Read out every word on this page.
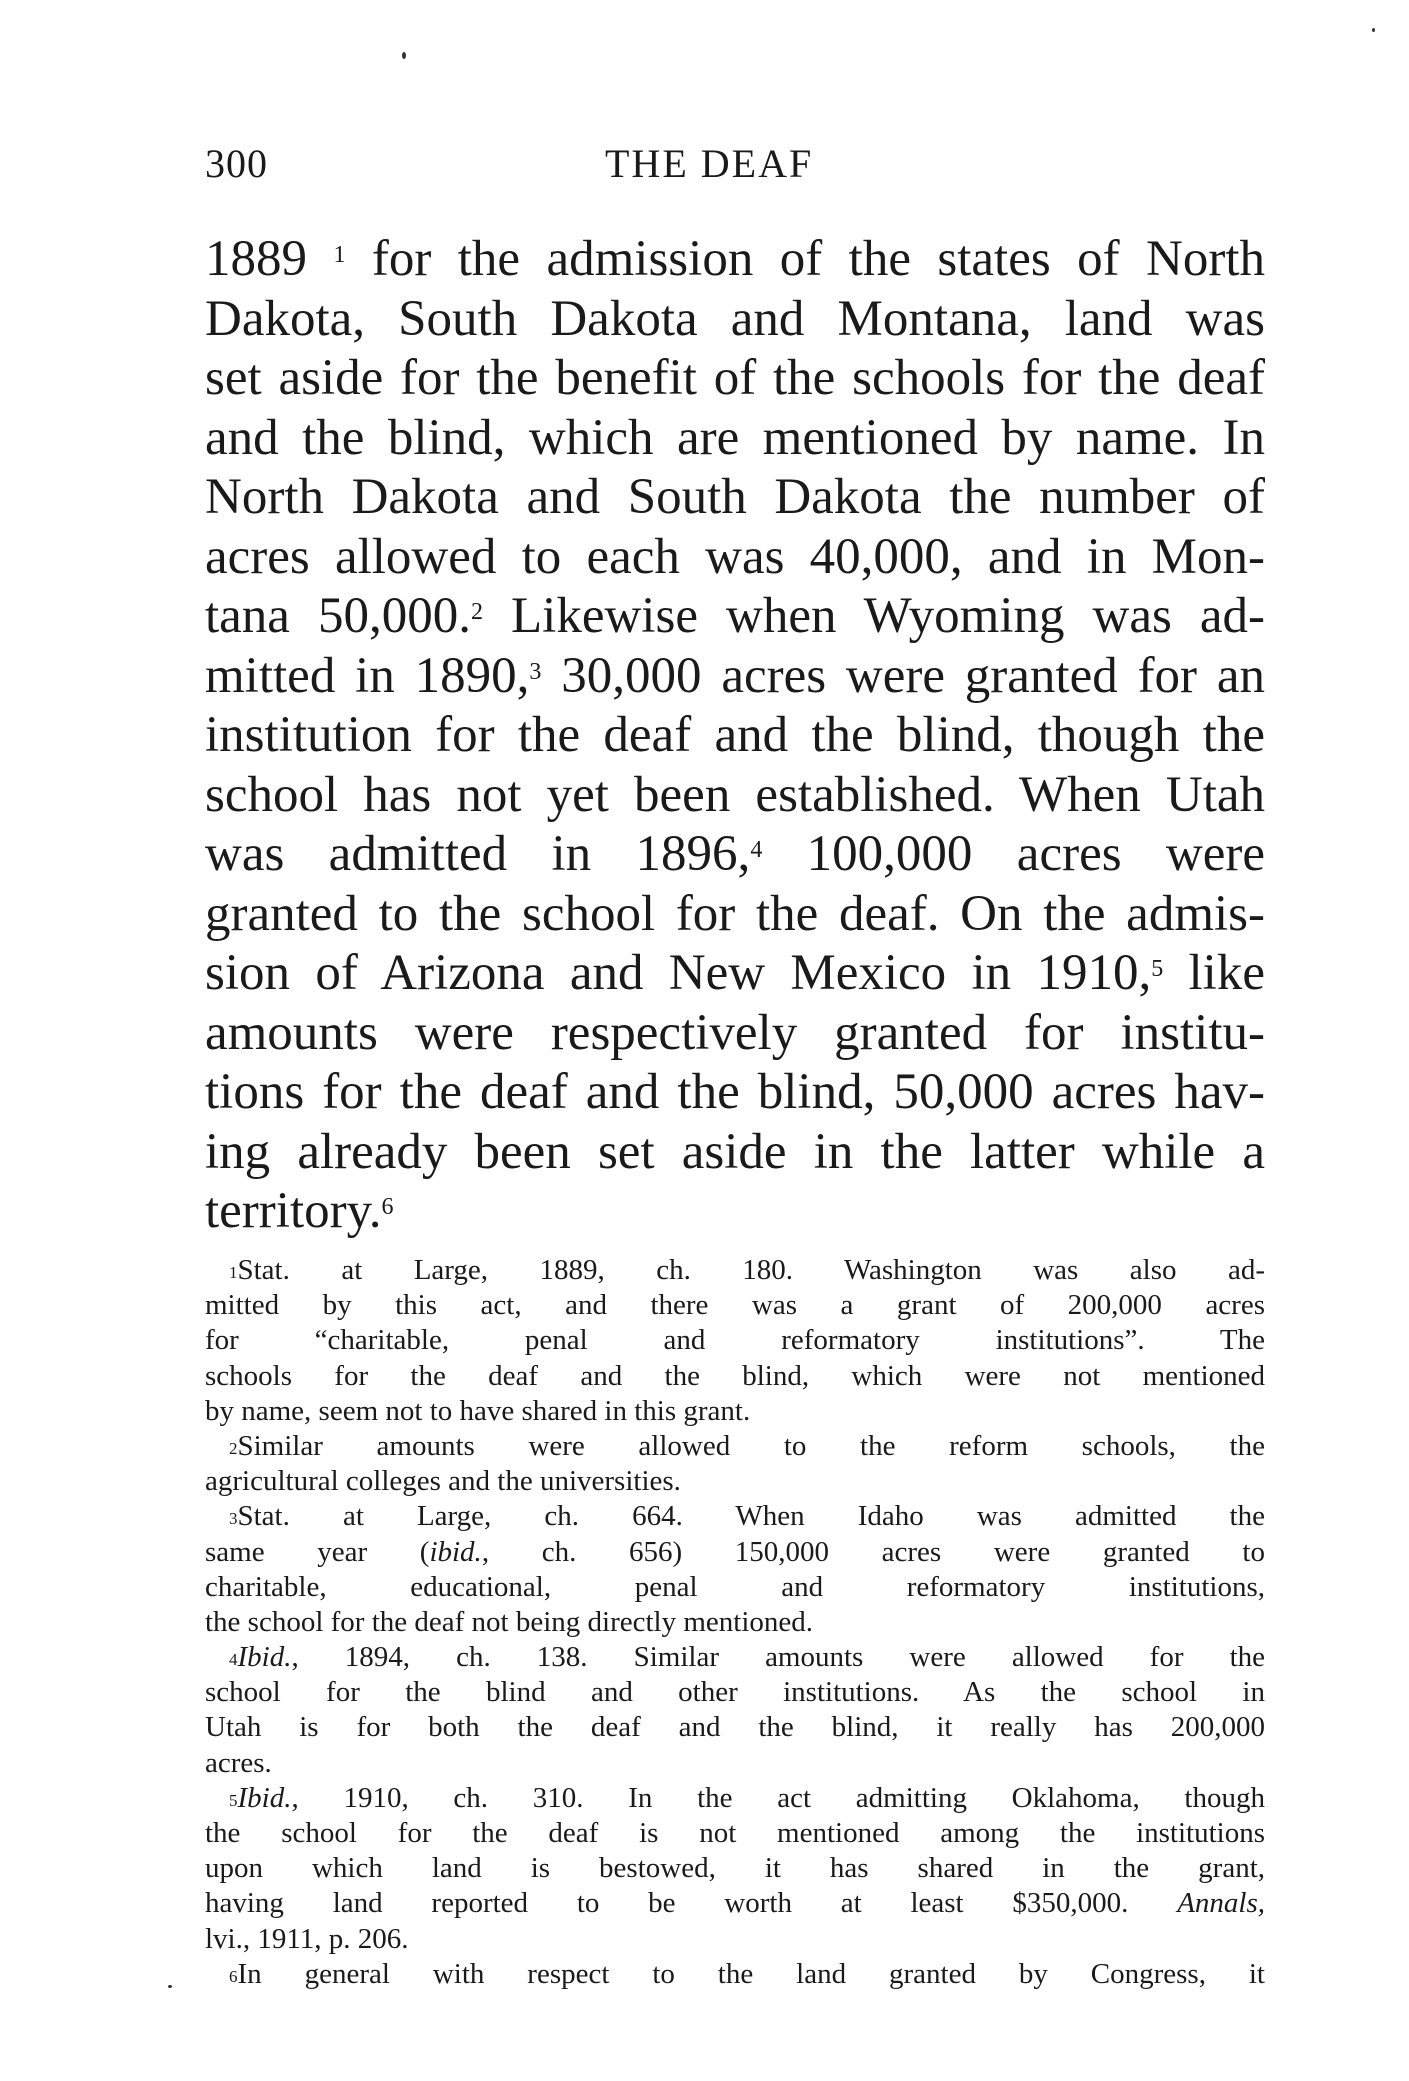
300	THE DEAF
1889 $^1$ for the admission of the states of North
Dakota, South Dakota and Montana, land was
set aside for the benefit of the schools for the deaf
and the blind, which are mentioned by name. In
North Dakota and South Dakota the number of
acres allowed to each was 40,000, and in Mon-
tana 50,000.$^2$ Likewise when Wyoming was ad-
mitted in 1890,$^3$ 30,000 acres were granted for an
institution for the deaf and the blind, though the
school has not yet been established. When Utah
was admitted in 1896,$^4$ 100,000 acres were
granted to the school for the deaf. On the admis-
sion of Arizona and New Mexico in 1910,$^5$ like
amounts were respectively granted for institu-
tions for the deaf and the blind, 50,000 acres hav-
ing already been set aside in the latter while a
territory.$^6$
$^1$Stat. at Large, 1889, ch. 180. Washington was also ad-
mitted by this act, and there was a grant of 200,000 acres
for “charitable, penal and reformatory institutions”. The
schools for the deaf and the blind, which were not mentioned
by name, seem not to have shared in this grant.
$^2$Similar amounts were allowed to the reform schools, the
agricultural colleges and the universities.
$^3$Stat. at Large, ch. 664. When Idaho was admitted the
same year (ibid., ch. 656) 150,000 acres were granted to
charitable, educational, penal and reformatory institutions,
the school for the deaf not being directly mentioned.
$^4$Ibid., 1894, ch. 138. Similar amounts were allowed for the
school for the blind and other institutions. As the school in
Utah is for both the deaf and the blind, it really has 200,000
acres.
$^5$Ibid., 1910, ch. 310. In the act admitting Oklahoma, though
the school for the deaf is not mentioned among the institutions
upon which land is bestowed, it has shared in the grant,
having land reported to be worth at least $350,000. Annals,
lvi., 1911, p. 206.
$^6$In general with respect to the land granted by Congress, it
